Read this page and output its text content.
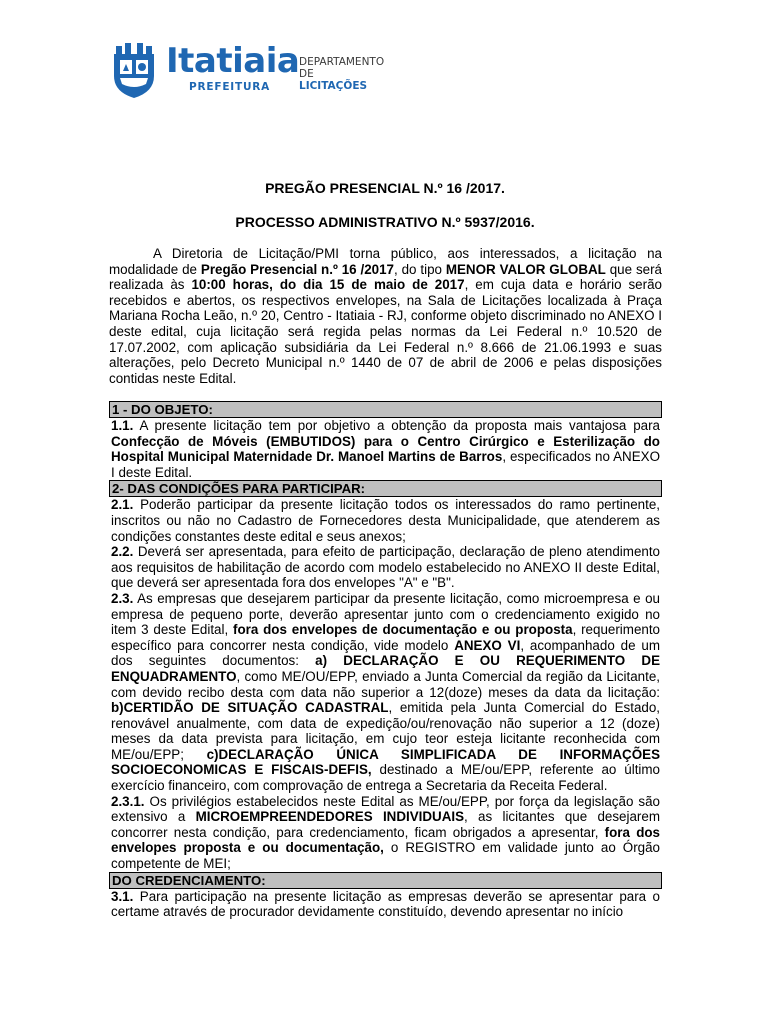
Itatiaia
PREFEITURA
DEPARTAMENTO
DE LICITAÇÕES
PREGÃO PRESENCIAL N.º 16 /2017.
PROCESSO ADMINISTRATIVO N.º 5937/2016.

A Diretoria de Licitação/PMI torna público, aos interessados, a licitação na modalidade de Pregão Presencial n.º 16 /2017, do tipo MENOR VALOR GLOBAL que será realizada às 10:00 horas, do dia 15 de maio de 2017, em cuja data e horário serão recebidos e abertos, os respectivos envelopes, na Sala de Licitações localizada à Praça Mariana Rocha Leão, n.º 20, Centro - Itatiaia - RJ, conforme objeto discriminado no ANEXO I deste edital, cuja licitação será regida pelas normas da Lei Federal n.º 10.520 de 17.07.2002, com aplicação subsidiária da Lei Federal n.º 8.666 de 21.06.1993 e suas alterações, pelo Decreto Municipal n.º 1440 de 07 de abril de 2006 e pelas disposições contidas neste Edital.

1 - DO OBJETO:

1.1. A presente licitação tem por objetivo a obtenção da proposta mais vantajosa para Confecção de Móveis (EMBUTIDOS) para o Centro Cirúrgico e Esterilização do Hospital Municipal Maternidade Dr. Manoel Martins de Barros, especificados no ANEXO I deste Edital.

2- DAS CONDIÇÕES PARA PARTICIPAR:

2.1. Poderão participar da presente licitação todos os interessados do ramo pertinente, inscritos ou não no Cadastro de Fornecedores desta Municipalidade, que atenderem as condições constantes deste edital e seus anexos;

2.2. Deverá ser apresentada, para efeito de participação, declaração de pleno atendimento aos requisitos de habilitação de acordo com modelo estabelecido no ANEXO II deste Edital, que deverá ser apresentada fora dos envelopes "A" e "B".

2.3. As empresas que desejarem participar da presente licitação, como microempresa e ou empresa de pequeno porte, deverão apresentar junto com o credenciamento exigido no item 3 deste Edital, fora dos envelopes de documentação e ou proposta, requerimento específico para concorrer nesta condição, vide modelo ANEXO VI, acompanhado de um dos seguintes documentos: a) DECLARAÇÃO E OU REQUERIMENTO DE ENQUADRAMENTO, como ME/OU/EPP, enviado a Junta Comercial da região da Licitante, com devido recibo desta com data não superior a 12(doze) meses da data da licitação: b)CERTIDÃO DE SITUAÇÃO CADASTRAL, emitida pela Junta Comercial do Estado, renovável anualmente, com data de expedição/ou/renovação não superior a 12 (doze) meses da data prevista para licitação, em cujo teor esteja licitante reconhecida com ME/ou/EPP; c)DECLARAÇÃO ÚNICA SIMPLIFICADA DE INFORMAÇÕES SOCIOECONOMICAS E FISCAIS-DEFIS, destinado a ME/ou/EPP, referente ao último exercício financeiro, com comprovação de entrega a Secretaria da Receita Federal.

2.3.1. Os privilégios estabelecidos neste Edital as ME/ou/EPP, por força da legislação são extensivo a MICROEMPREENDEDORES INDIVIDUAIS, as licitantes que desejarem concorrer nesta condição, para credenciamento, ficam obrigados a apresentar, fora dos envelopes proposta e ou documentação, o REGISTRO em validade junto ao Órgão competente de MEI;

DO CREDENCIAMENTO:

3.1. Para participação na presente licitação as empresas deverão se apresentar para o certame através de procurador devidamente constituído, devendo apresentar no início
